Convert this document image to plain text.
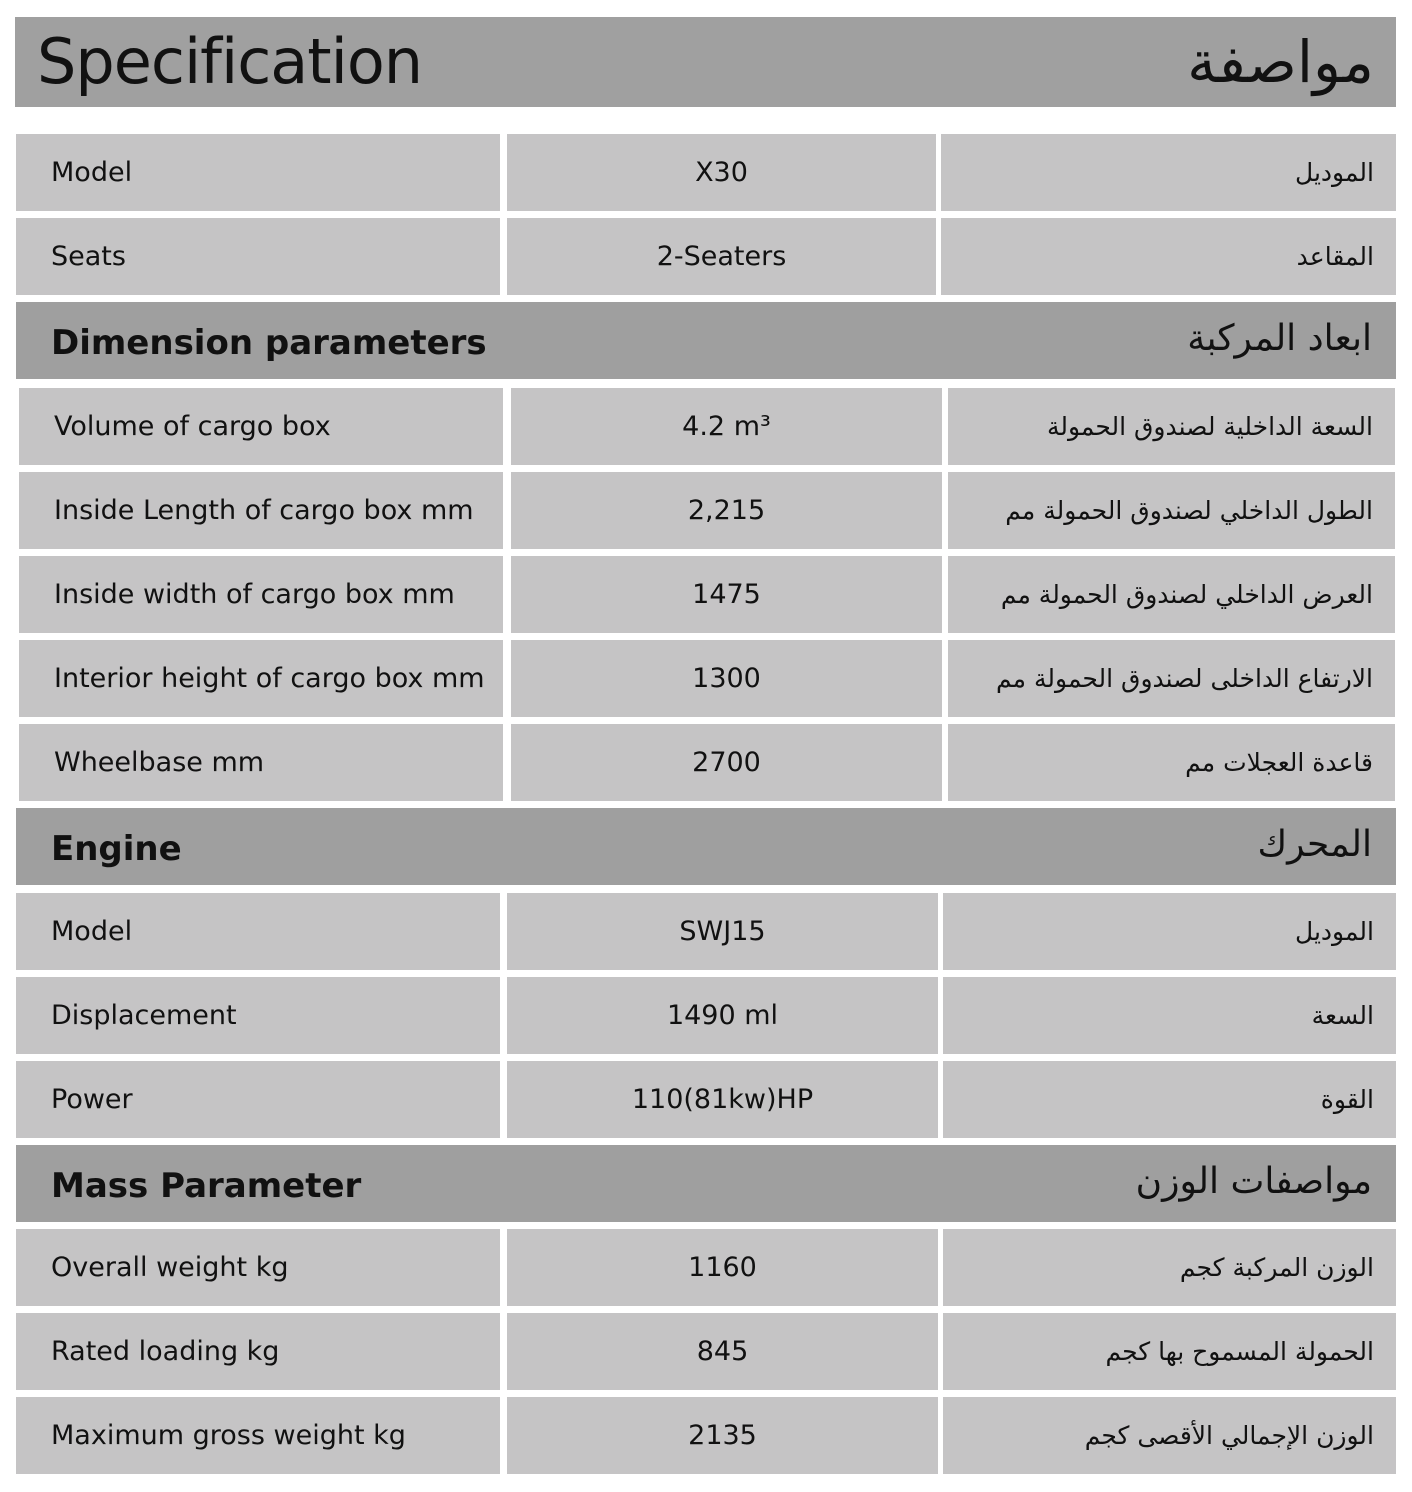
Specification	مواصفة
Model	X30	الموديل
Seats	2-Seaters	المقاعد
Dimension parameters	ابعاد المركبة
Volume of cargo box	4.2 m³	السعة الداخلية لصندوق الحمولة
Inside Length of cargo box mm	2,215	الطول الداخلي لصندوق الحمولة مم
Inside width of cargo box mm	1475	العرض الداخلي لصندوق الحمولة مم
Interior height of cargo box mm	1300	الارتفاع الداخلى لصندوق الحمولة مم
Wheelbase mm	2700	قاعدة العجلات مم
Engine	المحرك
Model	SWJ15	الموديل
Displacement	1490 ml	السعة
Power	110(81kw)HP	القوة
Mass Parameter	مواصفات الوزن
Overall weight kg	1160	الوزن المركبة كجم
Rated loading kg	845	الحمولة المسموح بها كجم
Maximum gross weight kg	2135	الوزن الإجمالي الأقصى كجم
